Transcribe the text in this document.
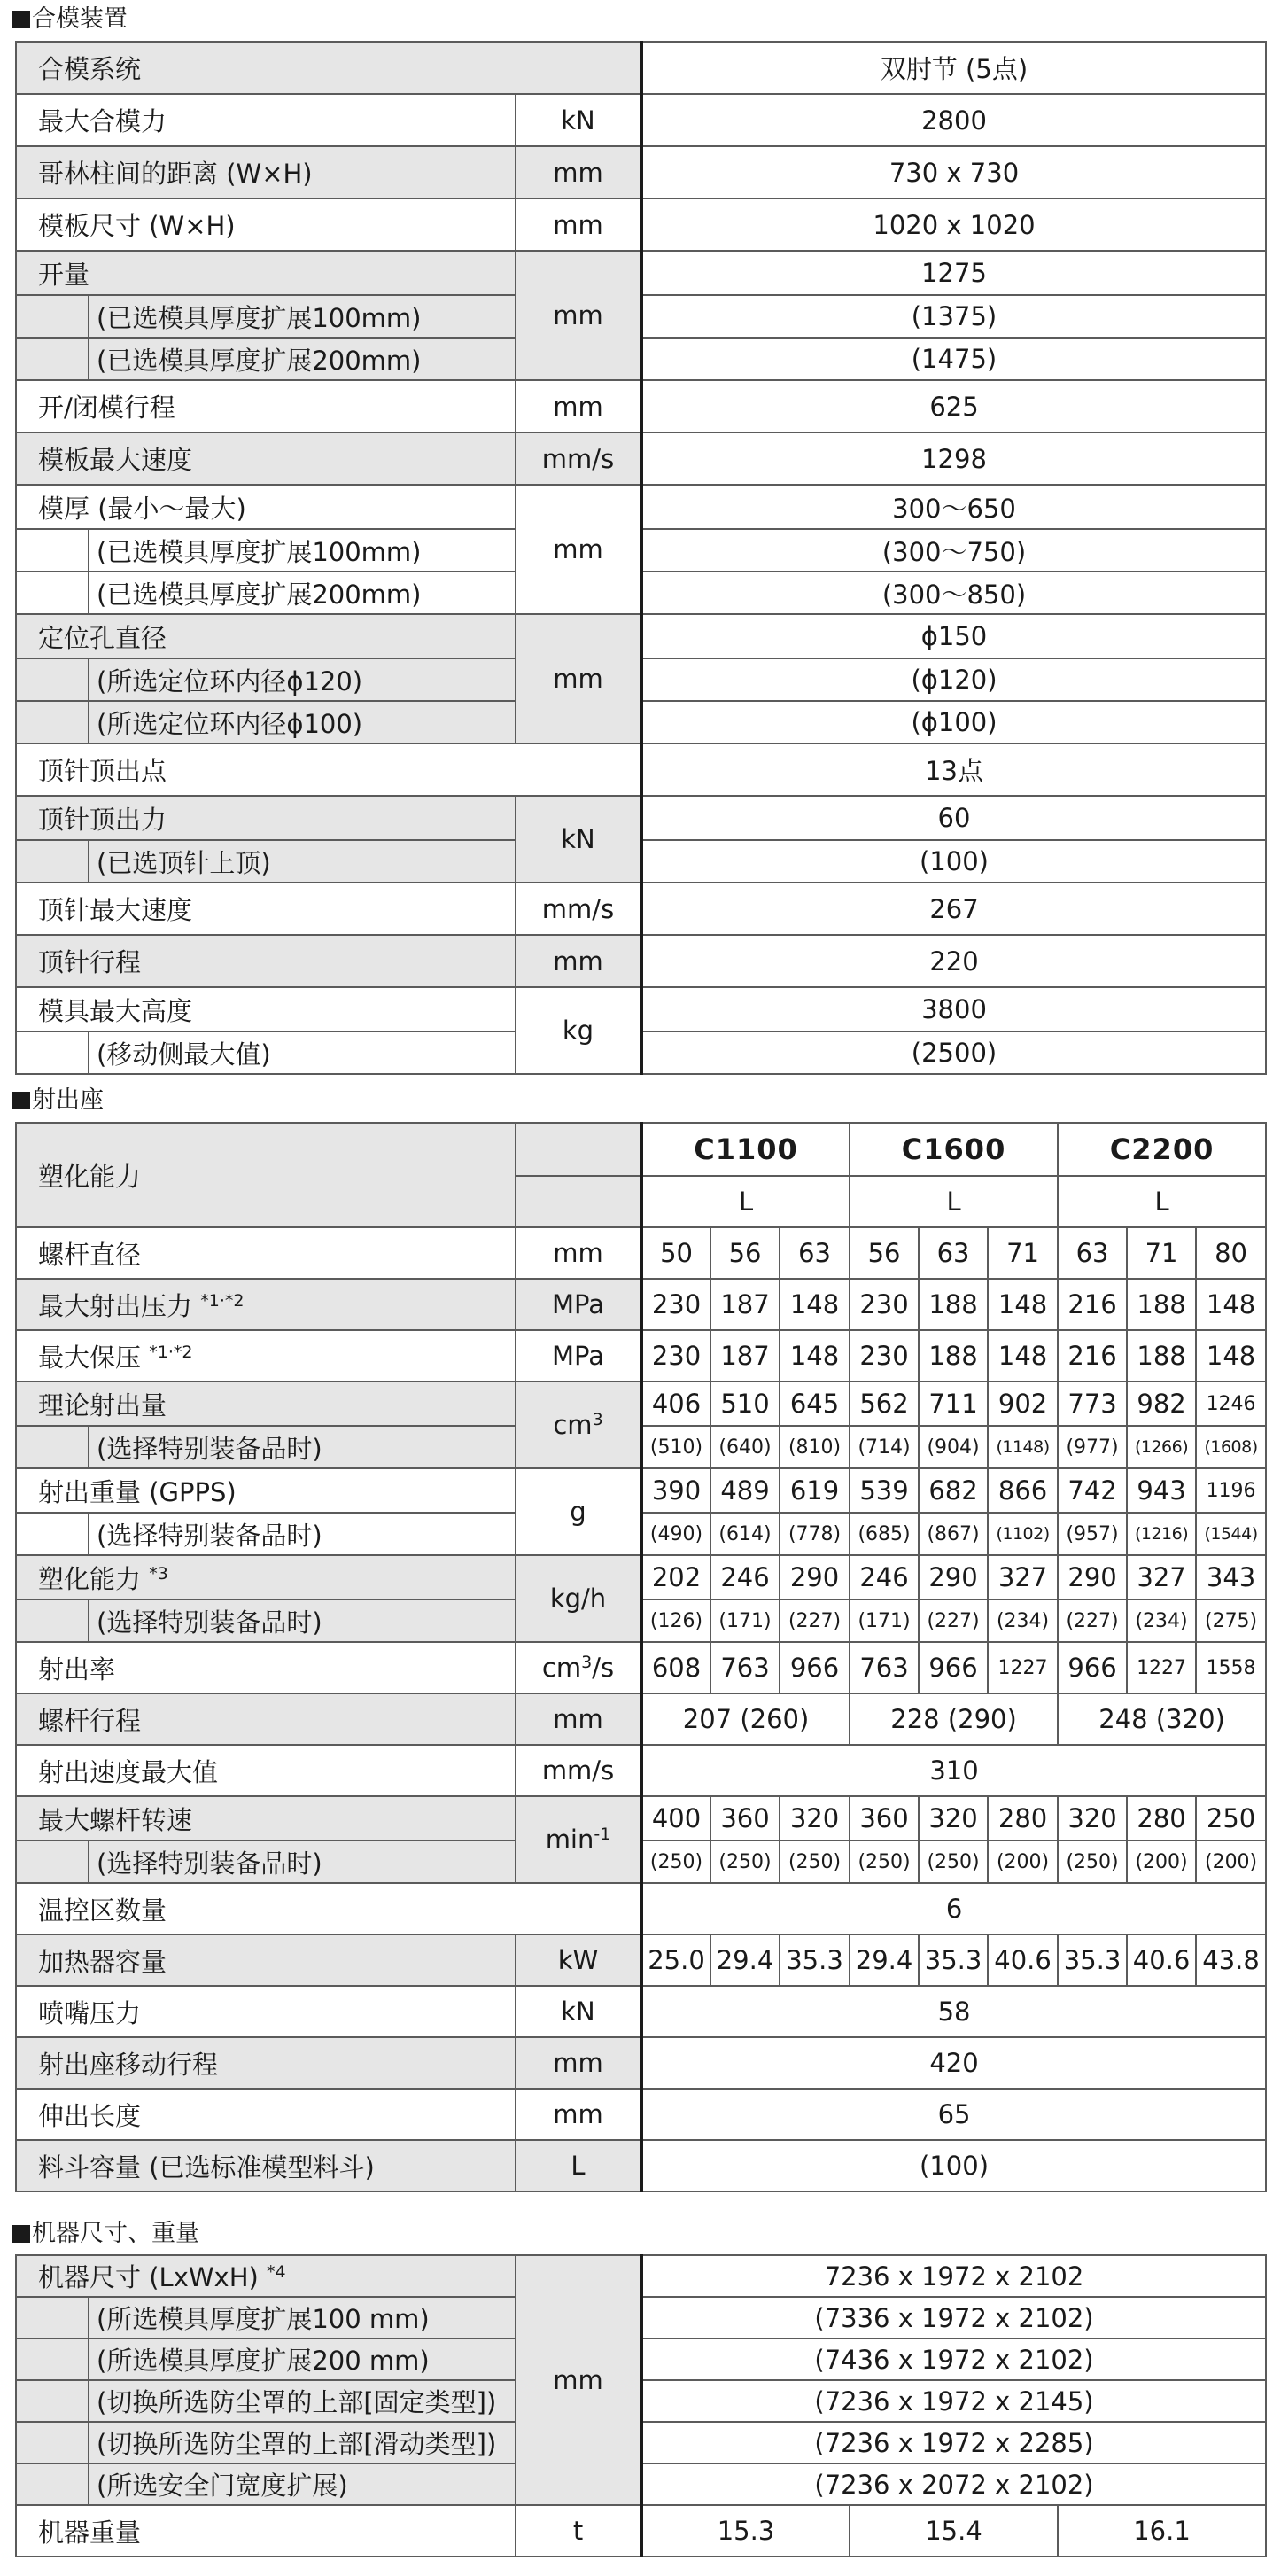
合模装置
合模系统			双肘节 (5点)
最大合模力		kN	2800
哥林柱间的距离 (W×H)		mm	730 x 730
模板尺寸 (W×H)		mm	1020 x 1020
开量		mm	1275
	(已选模具厚度扩展100mm)		(1375)
	(已选模具厚度扩展200mm)		(1475)
开/闭模行程		mm	625
模板最大速度		mm/s	1298
模厚 (最小〜最大)		mm	300〜650
	(已选模具厚度扩展100mm)		(300〜750)
	(已选模具厚度扩展200mm)		(300〜850)
定位孔直径		mm	ϕ150
	(所选定位环内径ϕ120)		(ϕ120)
	(所选定位环内径ϕ100)		(ϕ100)
顶针顶出点			13点
顶针顶出力		kN	60
	(已选顶针上顶)		(100)
顶针最大速度		mm/s	267
顶针行程		mm	220
模具最大高度		kg	3800
	(移动侧最大值)		(2500)
射出座
塑化能力			C1100			C1600			C2200		
			L			L			L		
螺杆直径		mm	50	56	63	56	63	71	63	71	80
最大射出压力 $^{*1\cdot*2}$		MPa	230	187	148	230	188	148	216	188	148
最大保压 $^{*1\cdot*2}$		MPa	230	187	148	230	188	148	216	188	148
理论射出量		$cm^3$	406	510	645	562	711	902	773	982	1246
	(选择特别装备品时)		(510)	(640)	(810)	(714)	(904)	(1148)	(977)	(1266)	(1608)
射出重量 (GPPS)		g	390	489	619	539	682	866	742	943	1196
	(选择特别装备品时)		(490)	(614)	(778)	(685)	(867)	(1102)	(957)	(1216)	(1544)
塑化能力 $^{*3}$		kg/h	202	246	290	246	290	327	290	327	343
	(选择特别装备品时)		(126)	(171)	(227)	(171)	(227)	(234)	(227)	(234)	(275)
射出率		$cm^3/s$	608	763	966	763	966	1227	966	1227	1558
螺杆行程		mm	207 (260)			228 (290)			248 (320)		
射出速度最大值		mm/s	310								
最大螺杆转速		$\min^{-1}$	400	360	320	360	320	280	320	280	250
	(选择特别装备品时)		(250)	(250)	(250)	(250)	(250)	(200)	(250)	(200)	(200)
温控区数量			6								
加热器容量		kW	25.0	29.4	35.3	29.4	35.3	40.6	35.3	40.6	43.8
喷嘴压力		kN	58								
射出座移动行程		mm	420								
伸出长度		mm	65								
料斗容量 (已选标准模型料斗)		L	(100)								
机器尺寸、重量
机器尺寸 (LxWxH) $^{*4}$		mm	7236 x 1972 x 2102		
	(所选模具厚度扩展100 mm)		(7336 x 1972 x 2102)		
	(所选模具厚度扩展200 mm)		(7436 x 1972 x 2102)		
	(切换所选防尘罩的上部[固定类型])		(7236 x 1972 x 2145)		
	(切换所选防尘罩的上部[滑动类型])		(7236 x 1972 x 2285)		
	(所选安全门宽度扩展)		(7236 x 2072 x 2102)		
机器重量		t	15.3	15.4	16.1
